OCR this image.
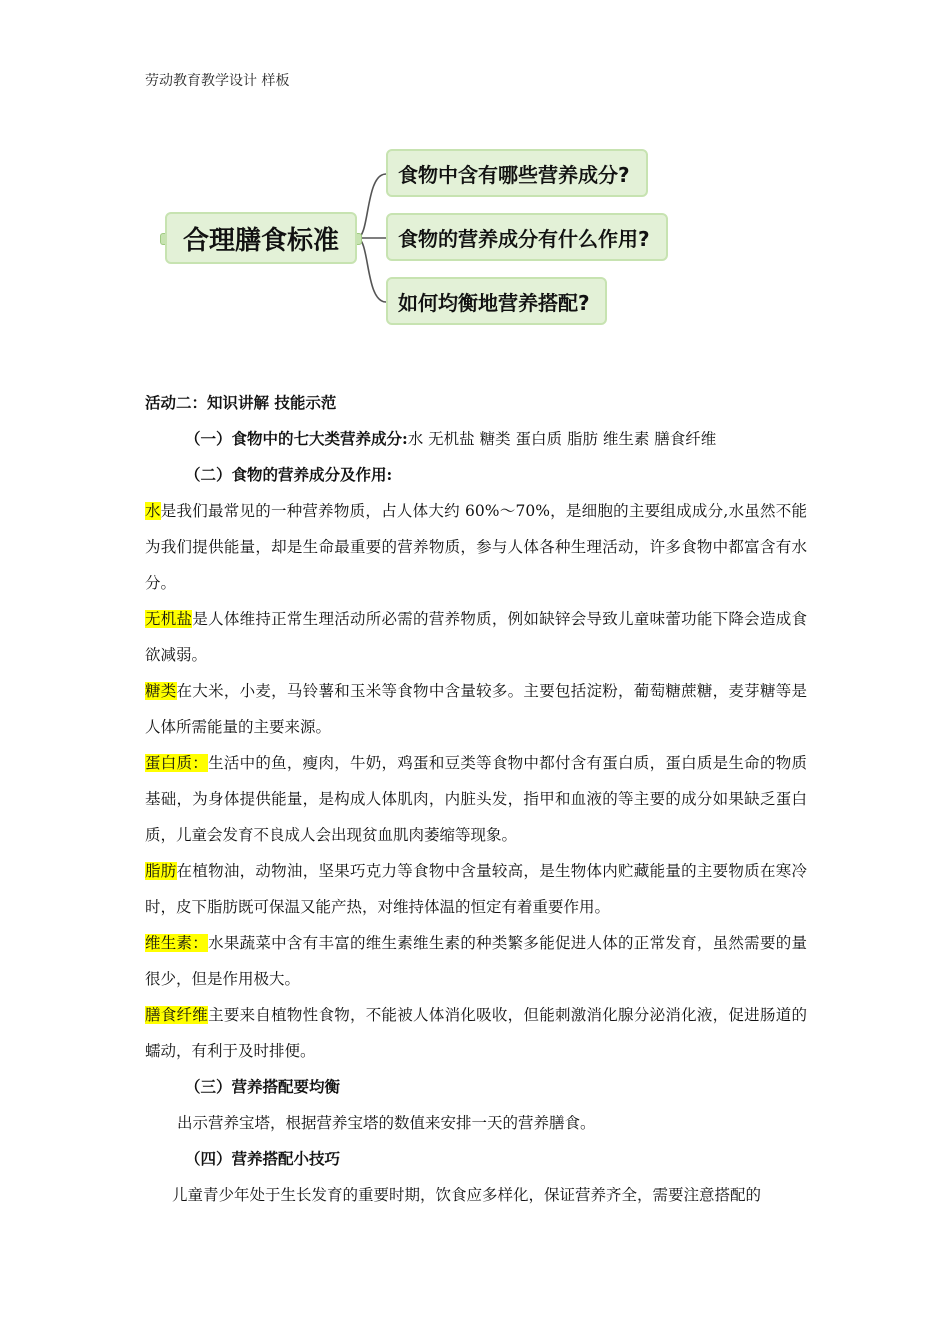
劳动教育教学设计 样板
合理膳食标准
食物中含有哪些营养成分?
食物的营养成分有什么作用?
如何均衡地营养搭配?

活动二：知识讲解 技能示范

（一）食物中的七大类营养成分:水 无机盐 糖类 蛋白质 脂肪 维生素 膳食纤维

（二）食物的营养成分及作用:

水是我们最常见的一种营养物质，占人体大约 60%～70%，是细胞的主要组成成分,水虽然不能为我们提供能量，却是生命最重要的营养物质，参与人体各种生理活动，许多食物中都富含有水分。

无机盐是人体维持正常生理活动所必需的营养物质，例如缺锌会导致儿童味蕾功能下降会造成食欲减弱。

糖类在大米，小麦，马铃薯和玉米等食物中含量较多。主要包括淀粉，葡萄糖蔗糖，麦芽糖等是人体所需能量的主要来源。

蛋白质：生活中的鱼，瘦肉，牛奶，鸡蛋和豆类等食物中都付含有蛋白质，蛋白质是生命的物质基础，为身体提供能量，是构成人体肌肉，内脏头发，指甲和血液的等主要的成分如果缺乏蛋白质，儿童会发育不良成人会出现贫血肌肉萎缩等现象。

脂肪在植物油，动物油，坚果巧克力等食物中含量较高，是生物体内贮藏能量的主要物质在寒冷时，皮下脂肪既可保温又能产热，对维持体温的恒定有着重要作用。

维生素：水果蔬菜中含有丰富的维生素维生素的种类繁多能促进人体的正常发育，虽然需要的量很少，但是作用极大。

膳食纤维主要来自植物性食物，不能被人体消化吸收，但能刺激消化腺分泌消化液，促进肠道的蠕动，有利于及时排便。

（三）营养搭配要均衡

出示营养宝塔，根据营养宝塔的数值来安排一天的营养膳食。

（四）营养搭配小技巧

儿童青少年处于生长发育的重要时期，饮食应多样化，保证营养齐全，需要注意搭配的
